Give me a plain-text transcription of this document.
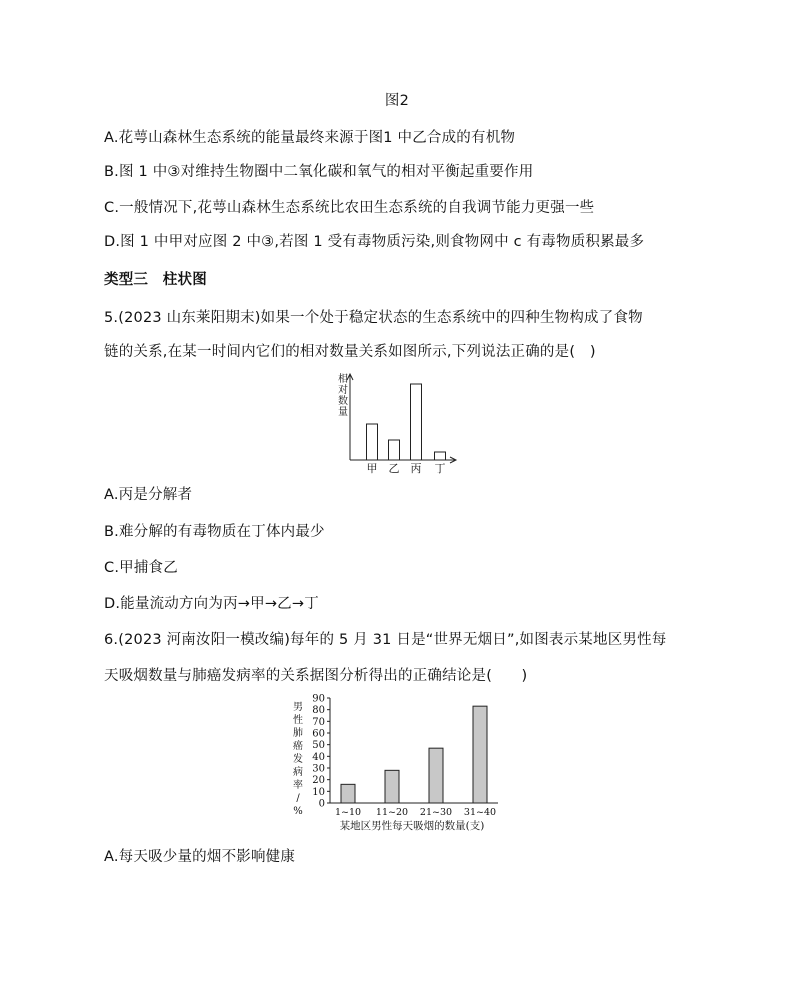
图2
A.花萼山森林生态系统的能量最终来源于图1 中乙合成的有机物
B.图 1 中③对维持生物圈中二氧化碳和氧气的相对平衡起重要作用
C.一般情况下,花萼山森林生态系统比农田生态系统的自我调节能力更强一些
D.图 1 中甲对应图 2 中③,若图 1 受有毒物质污染,则食物网中 c 有毒物质积累最多
类型三　柱状图
5.(2023 山东莱阳期末)如果一个处于稳定状态的生态系统中的四种生物构成了食物
链的关系,在某一时间内它们的相对数量关系如图所示,下列说法正确的是(　)
相对数量
甲 乙 丙 丁
A.丙是分解者
B.难分解的有毒物质在丁体内最少
C.甲捕食乙
D.能量流动方向为丙→甲→乙→丁
6.(2023 河南汝阳一模改编)每年的 5 月 31 日是“世界无烟日”,如图表示某地区男性每
天吸烟数量与肺癌发病率的关系据图分析得出的正确结论是(　　)
0
10
20
30
40
50
60
70
80
90
男性肺癌发病率/ %	1~10 11~20 21~30 31~40
某地区男性每天吸烟的数量(支)
A.每天吸少量的烟不影响健康
